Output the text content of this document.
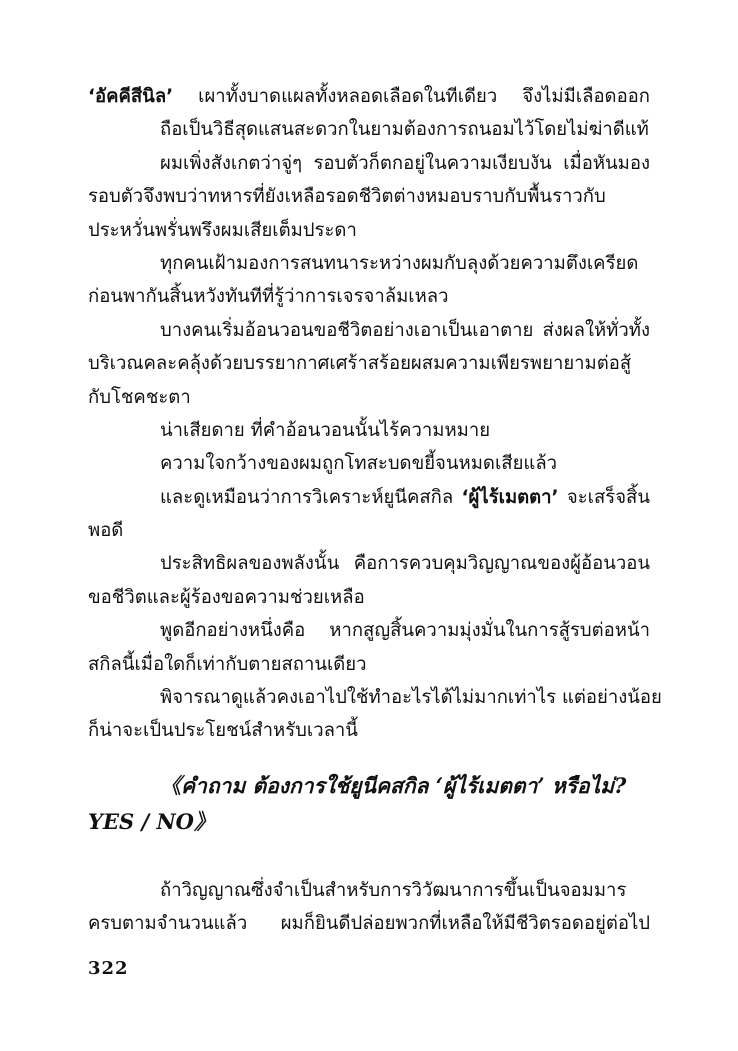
‘อัคคีสีนิล’ เผาทั้งบาดแผลทั้งหลอดเลือดในทีเดียว จึงไม่มีเลือดออก
ถือเป็นวิธีสุดแสนสะดวกในยามต้องการถนอมไว้โดยไม่ฆ่าดีแท้
ผมเพิ่งสังเกตว่าจู่ๆ รอบตัวก็ตกอยู่ในความเงียบงัน เมื่อหันมอง
รอบตัวจึงพบว่าทหารที่ยังเหลือรอดชีวิตต่างหมอบราบกับพื้นราวกับ
ประหวั่นพรั่นพรึงผมเสียเต็มประดา
ทุกคนเฝ้ามองการสนทนาระหว่างผมกับลุงด้วยความตึงเครียด
ก่อนพากันสิ้นหวังทันทีที่รู้ว่าการเจรจาล้มเหลว
บางคนเริ่มอ้อนวอนขอชีวิตอย่างเอาเป็นเอาตาย ส่งผลให้ทั่วทั้ง
บริเวณคละคลุ้งด้วยบรรยากาศเศร้าสร้อยผสมความเพียรพยายามต่อสู้
กับโชคชะตา
น่าเสียดาย ที่คำอ้อนวอนนั้นไร้ความหมาย
ความใจกว้างของผมถูกโทสะบดขยี้จนหมดเสียแล้ว
และดูเหมือนว่าการวิเคราะห์ยูนีคสกิล ‘ผู้ไร้เมตตา’ จะเสร็จสิ้น
พอดี
ประสิทธิผลของพลังนั้น คือการควบคุมวิญญาณของผู้อ้อนวอน
ขอชีวิตและผู้ร้องขอความช่วยเหลือ
พูดอีกอย่างหนึ่งคือ หากสูญสิ้นความมุ่งมั่นในการสู้รบต่อหน้า
สกิลนี้เมื่อใดก็เท่ากับตายสถานเดียว
พิจารณาดูแล้วคงเอาไปใช้ทำอะไรได้ไม่มากเท่าไร แต่อย่างน้อย
ก็น่าจะเป็นประโยชน์สำหรับเวลานี้
《คำถาม ต้องการใช้ยูนีคสกิล ‘ผู้ไร้เมตตา’ หรือไม่?
YES / NO》
ถ้าวิญญาณซึ่งจำเป็นสำหรับการวิวัฒนาการขึ้นเป็นจอมมาร
ครบตามจำนวนแล้ว ผมก็ยินดีปล่อยพวกที่เหลือให้มีชีวิตรอดอยู่ต่อไป
322
